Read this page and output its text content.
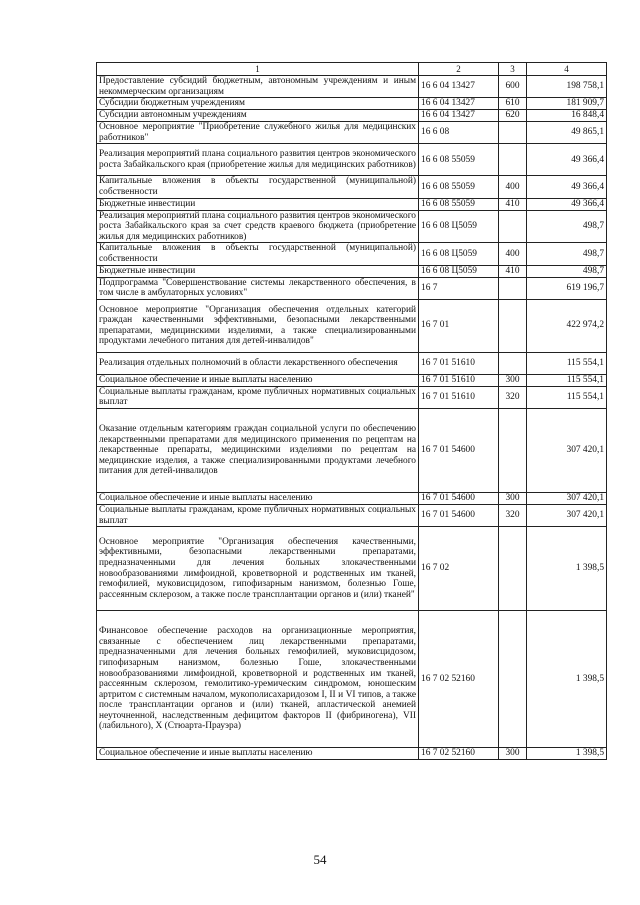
1	2	3	4
Предоставление субсидий бюджетным, автономным учреждениям и иным некоммерческим организациям	16 6 04 13427	600	198 758,1
Субсидии бюджетным учреждениям	16 6 04 13427	610	181 909,7
Субсидии автономным учреждениям	16 6 04 13427	620	16 848,4
Основное мероприятие "Приобретение служебного жилья для медицинских работников"	16 6 08		49 865,1
Реализация мероприятий плана социального развития центров экономического роста Забайкальского края (приобретение жилья для медицинских работников)	16 6 08 55059		49 366,4
Капитальные вложения в объекты государственной (муниципальной) собственности	16 6 08 55059	400	49 366,4
Бюджетные инвестиции	16 6 08 55059	410	49 366,4
Реализация мероприятий плана социального развития центров экономического роста Забайкальского края за счет средств краевого бюджета (приобретение жилья для медицинских работников)	16 6 08 Ц5059		498,7
Капитальные вложения в объекты государственной (муниципальной) собственности	16 6 08 Ц5059	400	498,7
Бюджетные инвестиции	16 6 08 Ц5059	410	498,7
Подпрограмма "Совершенствование системы лекарственного обеспечения, в том числе в амбулаторных условиях"	16 7		619 196,7
Основное мероприятие "Организация обеспечения отдельных категорий граждан качественными эффективными, безопасными лекарственными препаратами, медицинскими изделиями, а также специализированными продуктами лечебного питания для детей-инвалидов"	16 7 01		422 974,2
Реализация отдельных полномочий в области лекарственного обеспечения	16 7 01 51610		115 554,1
Социальное обеспечение и иные выплаты населению	16 7 01 51610	300	115 554,1
Социальные выплаты гражданам, кроме публичных нормативных социальных выплат	16 7 01 51610	320	115 554,1
Оказание отдельным категориям граждан социальной услуги по обеспечению лекарственными препаратами для медицинского применения по рецептам на лекарственные препараты, медицинскими изделиями по рецептам на медицинские изделия, а также специализированными продуктами лечебного питания для детей-инвалидов	16 7 01 54600		307 420,1
Социальное обеспечение и иные выплаты населению	16 7 01 54600	300	307 420,1
Социальные выплаты гражданам, кроме публичных нормативных социальных выплат	16 7 01 54600	320	307 420,1
Основное мероприятие "Организация обеспечения качественными, эффективными, безопасными лекарственными препаратами, предназначенными для лечения больных злокачественными новообразованиями лимфоидной, кроветворной и родственных им тканей, гемофилией, муковисцидозом, гипофизарным нанизмом, болезнью Гоше, рассеянным склерозом, а также после трансплантации органов и (или) тканей"	16 7 02		1 398,5
Финансовое обеспечение расходов на организационные мероприятия, связанные с обеспечением лиц лекарственными препаратами, предназначенными для лечения больных гемофилией, муковисцидозом, гипофизарным нанизмом, болезнью Гоше, злокачественными новообразованиями лимфоидной, кроветворной и родственных им тканей, рассеянным склерозом, гемолитико-уремическим синдромом, юношеским артритом с системным началом, мукополисахаридозом I, II и VI типов, а также после трансплантации органов и (или) тканей, апластической анемией неуточненной, наследственным дефицитом факторов II (фибриногена), VII (лабильного), X (Стюарта-Прауэра)	16 7 02 52160		1 398,5
Социальное обеспечение и иные выплаты населению	16 7 02 52160	300	1 398,5
54
